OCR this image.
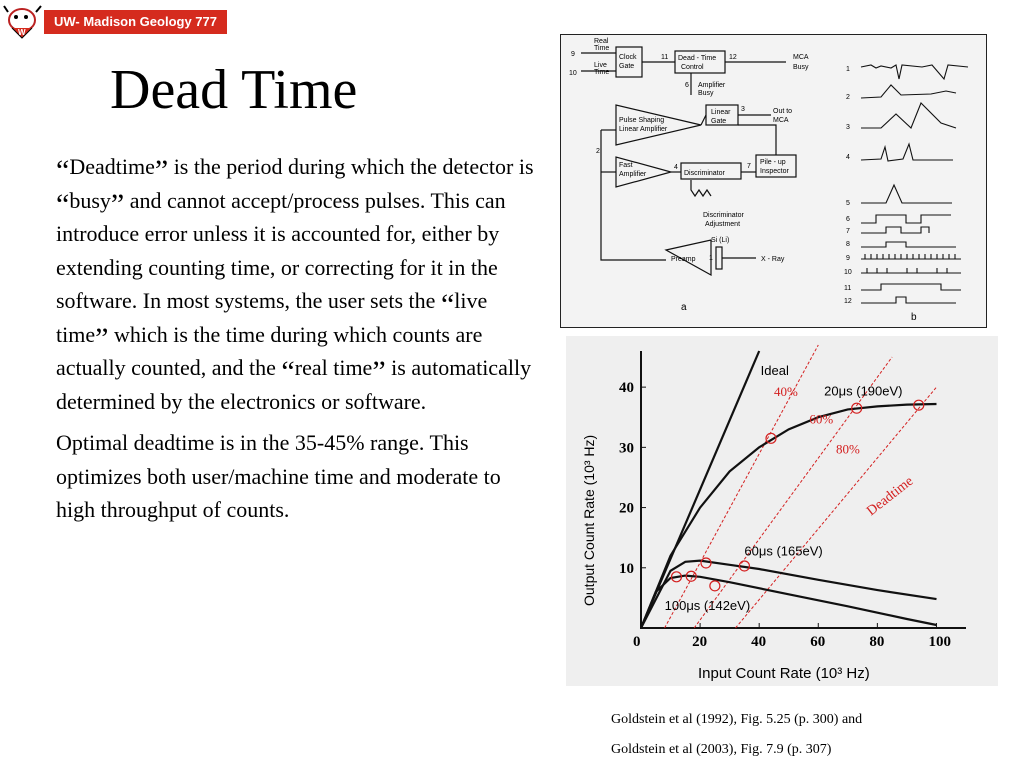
W
UW- Madison Geology 777
Dead Time

“Deadtime” is the period during which the detector is “busy” and cannot accept/process pulses. This can introduce error unless it is accounted for, either by extending counting time, or correcting for it in the software. In most systems, the user sets the “live time” which is the time during which counts are actually counted, and the “real time” is automatically determined by the electronics or software.

Optimal deadtime is in the 35-45% range. This optimizes both user/machine time and moderate to high throughput of counts.

Real
Time
9
Live
Time
10
Clock
Gate
11 Dead - Time
Control
12	MCA
Busy
Amplifier
Busy
6
Pulse Shaping
Linear Amplifier
3
Linear
Gate
Out to
MCA
2
Fast
Amplifier
4
Discriminator
7
Pile - up
Inspector
Discriminator
Adjustment
Si (Li)
1
Preamp	X - Ray
a
b
1
2
3
4
5
6
7
8
9
10
11
12
Output Count Rate (10³ Hz)
Input Count Rate (10³ Hz)
Deadtime
0	20	40	60	80	100
10
20
30
40
Ideal
20μs (190eV)
60μs (165eV)
100μs (142eV)
40%
60%
80%
Goldstein et al (1992), Fig. 5.25 (p. 300) and
Goldstein et al (2003), Fig. 7.9 (p. 307)
